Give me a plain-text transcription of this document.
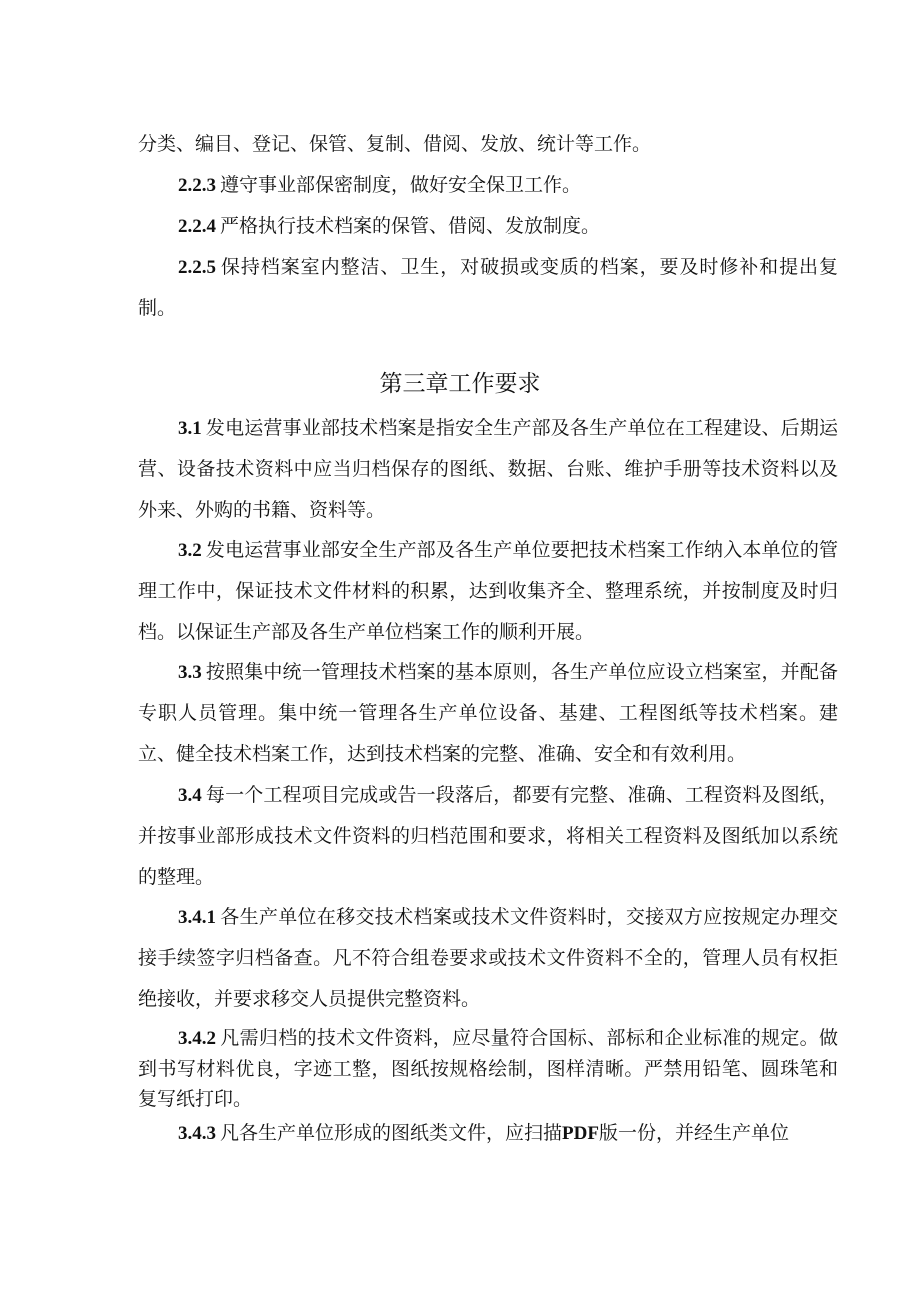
分类、编目、登记、保管、复制、借阅、发放、统计等工作。

2.2.3 遵守事业部保密制度，做好安全保卫工作。

2.2.4 严格执行技术档案的保管、借阅、发放制度。

2.2.5 保持档案室内整洁、卫生，对破损或变质的档案，要及时修补和提出复制。

第三章工作要求

3.1 发电运营事业部技术档案是指安全生产部及各生产单位在工程建设、后期运营、设备技术资料中应当归档保存的图纸、数据、台账、维护手册等技术资料以及外来、外购的书籍、资料等。

3.2 发电运营事业部安全生产部及各生产单位要把技术档案工作纳入本单位的管理工作中，保证技术文件材料的积累，达到收集齐全、整理系统，并按制度及时归档。以保证生产部及各生产单位档案工作的顺利开展。

3.3 按照集中统一管理技术档案的基本原则，各生产单位应设立档案室，并配备专职人员管理。集中统一管理各生产单位设备、基建、工程图纸等技术档案。建立、健全技术档案工作，达到技术档案的完整、准确、安全和有效利用。

3.4 每一个工程项目完成或告一段落后，都要有完整、准确、工程资料及图纸，并按事业部形成技术文件资料的归档范围和要求，将相关工程资料及图纸加以系统的整理。

3.4.1 各生产单位在移交技术档案或技术文件资料时，交接双方应按规定办理交接手续签字归档备查。凡不符合组卷要求或技术文件资料不全的，管理人员有权拒绝接收，并要求移交人员提供完整资料。

3.4.2 凡需归档的技术文件资料，应尽量符合国标、部标和企业标准的规定。做到书写材料优良，字迹工整，图纸按规格绘制，图样清晰。严禁用铅笔、圆珠笔和复写纸打印。

3.4.3 凡各生产单位形成的图纸类文件，应扫描PDF版一份，并经生产单位
